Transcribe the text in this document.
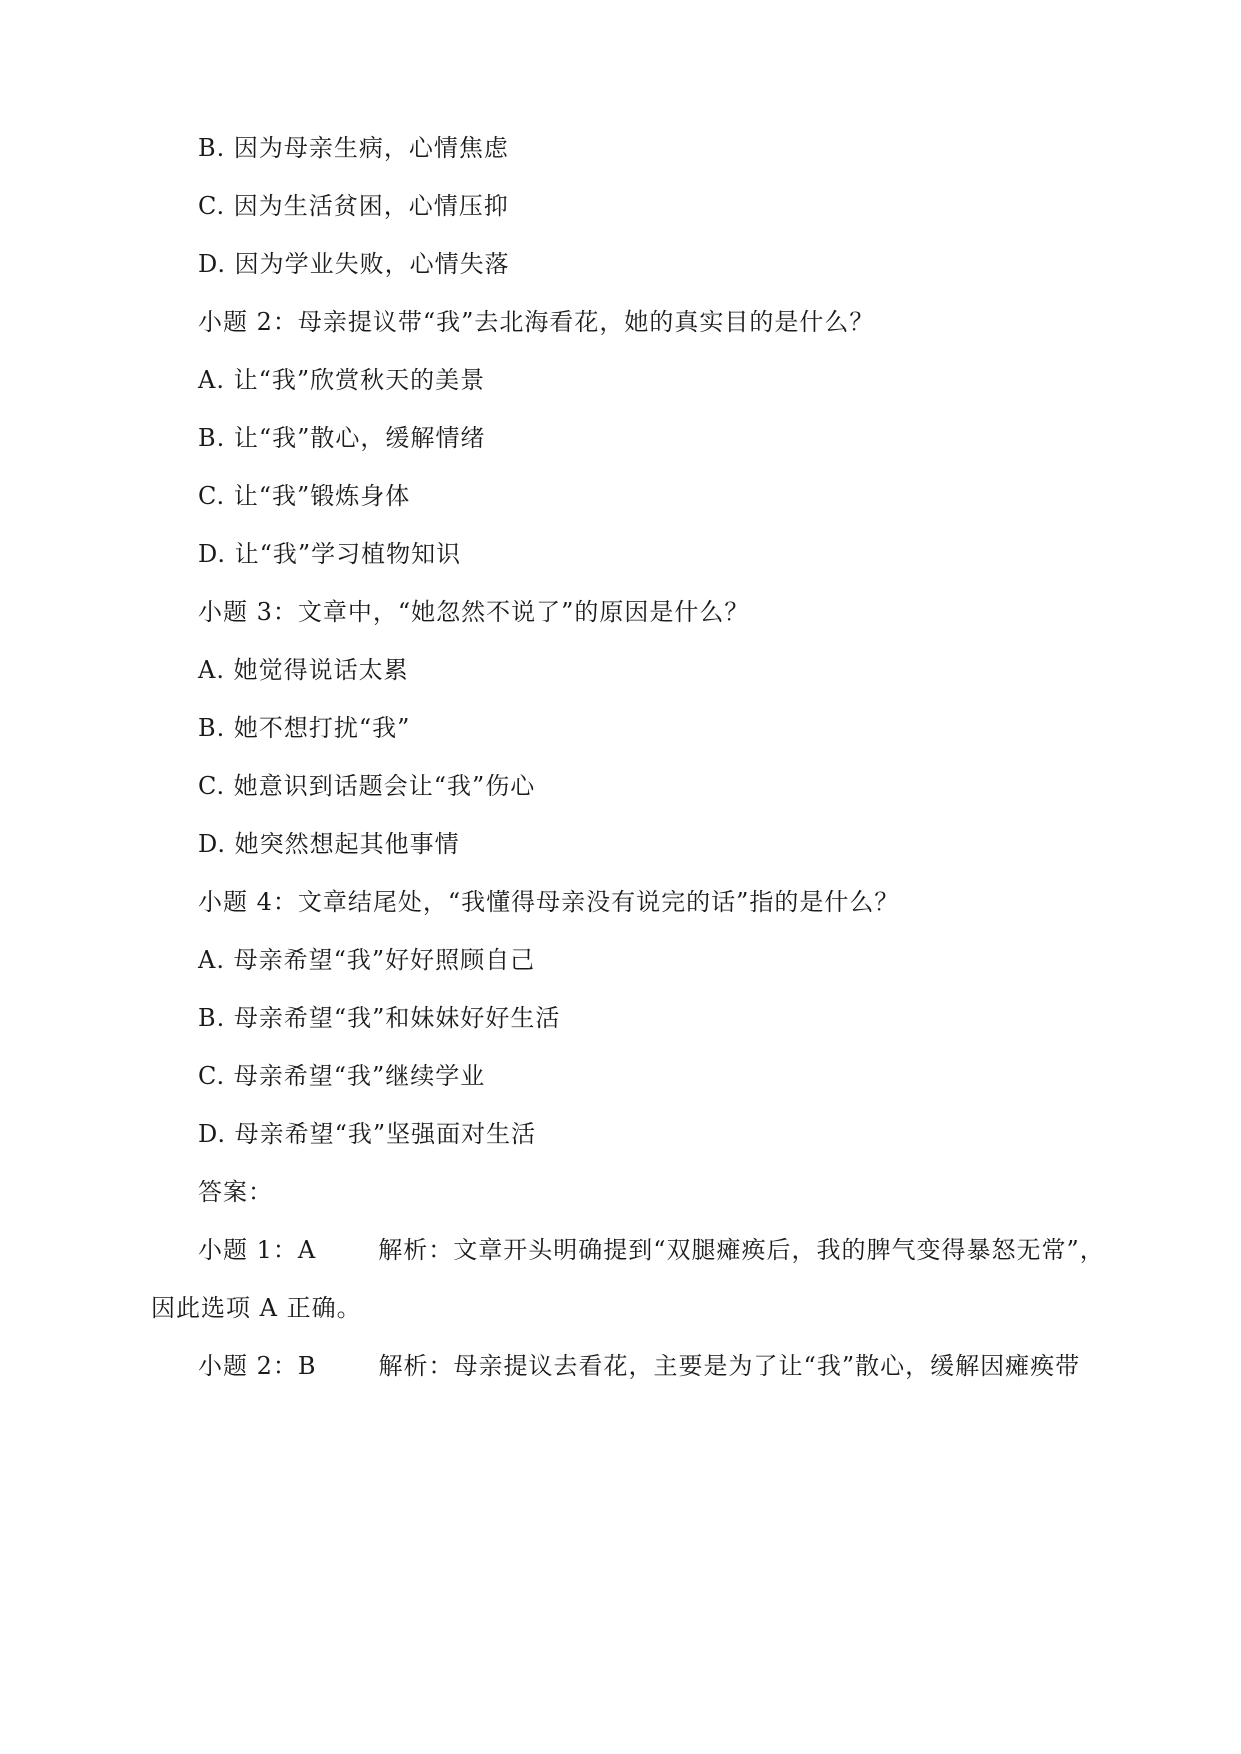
B. 因为母亲生病，心情焦虑
C. 因为生活贫困，心情压抑
D. 因为学业失败，心情失落
小题 2：母亲提议带“我”去北海看花，她的真实目的是什么？
A. 让“我”欣赏秋天的美景
B. 让“我”散心，缓解情绪
C. 让“我”锻炼身体
D. 让“我”学习植物知识
小题 3：文章中，“她忽然不说了”的原因是什么？
A. 她觉得说话太累
B. 她不想打扰“我”
C. 她意识到话题会让“我”伤心
D. 她突然想起其他事情
小题 4：文章结尾处，“我懂得母亲没有说完的话”指的是什么？
A. 母亲希望“我”好好照顾自己
B. 母亲希望“我”和妹妹好好生活
C. 母亲希望“我”继续学业
D. 母亲希望“我”坚强面对生活
答案：
小题 1：A	解析：文章开头明确提到“双腿瘫痪后，我的脾气变得暴怒无常”，
因此选项 A 正确。
小题 2：B	解析：母亲提议去看花，主要是为了让“我”散心，缓解因瘫痪带
